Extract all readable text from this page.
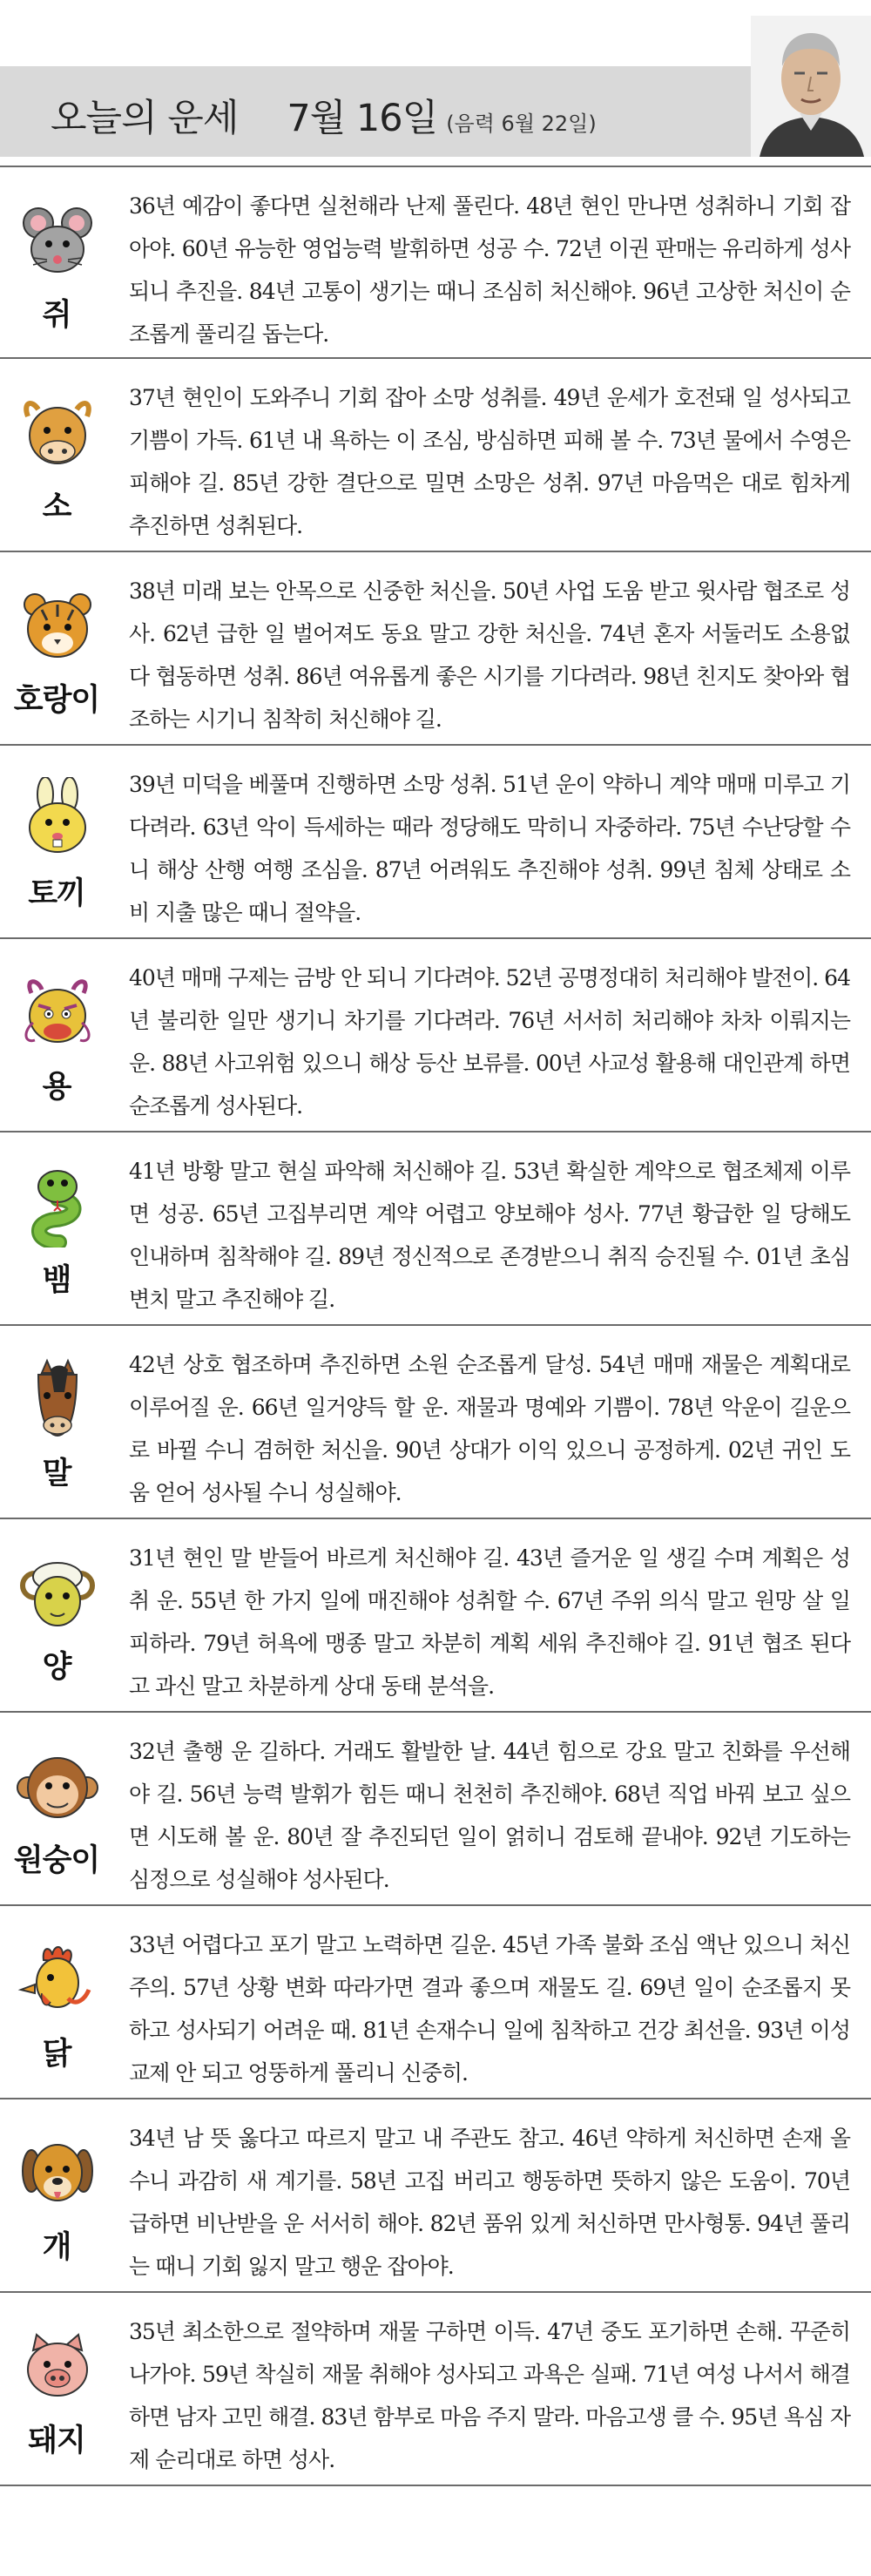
오늘의 운세 7월 16일 (음력 6월 22일)
쥐

36년 예감이 좋다면 실천해라 난제 풀린다. 48년 현인 만나면 성취하니 기회 잡아야. 60년 유능한 영업능력 발휘하면 성공 수. 72년 이권 판매는 유리하게 성사되니 추진을. 84년 고통이 생기는 때니 조심히 처신해야. 96년 고상한 처신이 순조롭게 풀리길 돕는다.

소

37년 현인이 도와주니 기회 잡아 소망 성취를. 49년 운세가 호전돼 일 성사되고 기쁨이 가득. 61년 내 욕하는 이 조심, 방심하면 피해 볼 수. 73년 물에서 수영은 피해야 길. 85년 강한 결단으로 밀면 소망은 성취. 97년 마음먹은 대로 힘차게 추진하면 성취된다.

호랑이

38년 미래 보는 안목으로 신중한 처신을. 50년 사업 도움 받고 윗사람 협조로 성사. 62년 급한 일 벌어져도 동요 말고 강한 처신을. 74년 혼자 서둘러도 소용없다 협동하면 성취. 86년 여유롭게 좋은 시기를 기다려라. 98년 친지도 찾아와 협조하는 시기니 침착히 처신해야 길.

토끼

39년 미덕을 베풀며 진행하면 소망 성취. 51년 운이 약하니 계약 매매 미루고 기다려라. 63년 악이 득세하는 때라 정당해도 막히니 자중하라. 75년 수난당할 수니 해상 산행 여행 조심을. 87년 어려워도 추진해야 성취. 99년 침체 상태로 소비 지출 많은 때니 절약을.

용

40년 매매 구제는 금방 안 되니 기다려야. 52년 공명정대히 처리해야 발전이. 64년 불리한 일만 생기니 차기를 기다려라. 76년 서서히 처리해야 차차 이뤄지는 운. 88년 사고위험 있으니 해상 등산 보류를. 00년 사교성 활용해 대인관계 하면 순조롭게 성사된다.

뱀

41년 방황 말고 현실 파악해 처신해야 길. 53년 확실한 계약으로 협조체제 이루면 성공. 65년 고집부리면 계약 어렵고 양보해야 성사. 77년 황급한 일 당해도 인내하며 침착해야 길. 89년 정신적으로 존경받으니 취직 승진될 수. 01년 초심 변치 말고 추진해야 길.

말

42년 상호 협조하며 추진하면 소원 순조롭게 달성. 54년 매매 재물은 계획대로 이루어질 운. 66년 일거양득 할 운. 재물과 명예와 기쁨이. 78년 악운이 길운으로 바뀔 수니 겸허한 처신을. 90년 상대가 이익 있으니 공정하게. 02년 귀인 도움 얻어 성사될 수니 성실해야.

양

31년 현인 말 받들어 바르게 처신해야 길. 43년 즐거운 일 생길 수며 계획은 성취 운. 55년 한 가지 일에 매진해야 성취할 수. 67년 주위 의식 말고 원망 살 일 피하라. 79년 허욕에 맹종 말고 차분히 계획 세워 추진해야 길. 91년 협조 된다고 과신 말고 차분하게 상대 동태 분석을.

원숭이

32년 출행 운 길하다. 거래도 활발한 날. 44년 힘으로 강요 말고 친화를 우선해야 길. 56년 능력 발휘가 힘든 때니 천천히 추진해야. 68년 직업 바꿔 보고 싶으면 시도해 볼 운. 80년 잘 추진되던 일이 얽히니 검토해 끝내야. 92년 기도하는 심정으로 성실해야 성사된다.

닭

33년 어렵다고 포기 말고 노력하면 길운. 45년 가족 불화 조심 액난 있으니 처신 주의. 57년 상황 변화 따라가면 결과 좋으며 재물도 길. 69년 일이 순조롭지 못하고 성사되기 어려운 때. 81년 손재수니 일에 침착하고 건강 최선을. 93년 이성교제 안 되고 엉뚱하게 풀리니 신중히.

개

34년 남 뜻 옳다고 따르지 말고 내 주관도 참고. 46년 약하게 처신하면 손재 올 수니 과감히 새 계기를. 58년 고집 버리고 행동하면 뜻하지 않은 도움이. 70년 급하면 비난받을 운 서서히 해야. 82년 품위 있게 처신하면 만사형통. 94년 풀리는 때니 기회 잃지 말고 행운 잡아야.

돼지

35년 최소한으로 절약하며 재물 구하면 이득. 47년 중도 포기하면 손해. 꾸준히 나가야. 59년 착실히 재물 취해야 성사되고 과욕은 실패. 71년 여성 나서서 해결하면 남자 고민 해결. 83년 함부로 마음 주지 말라. 마음고생 클 수. 95년 욕심 자제 순리대로 하면 성사.
